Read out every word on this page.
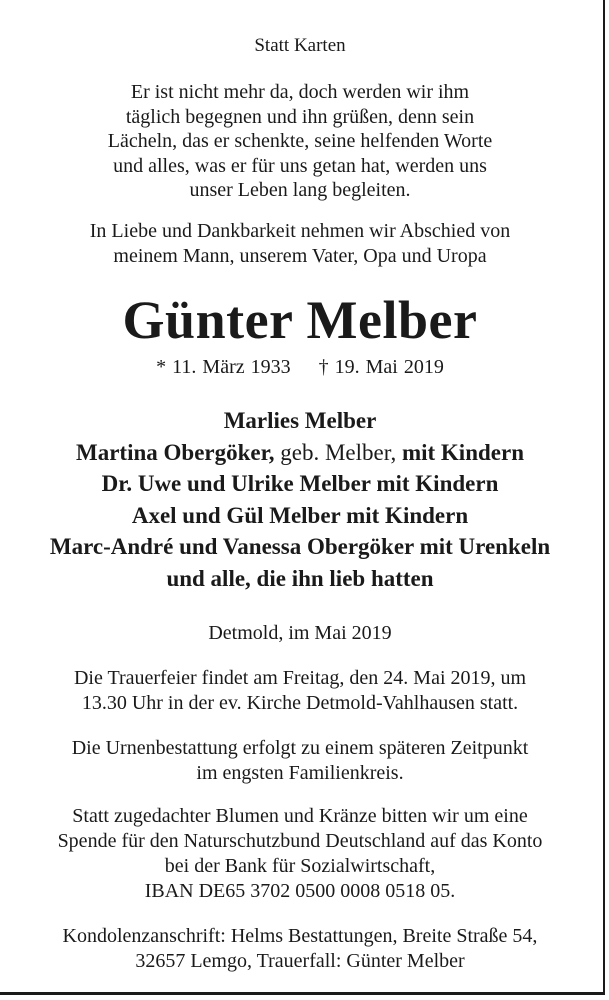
Statt Karten
Er ist nicht mehr da, doch werden wir ihm
täglich begegnen und ihn grüßen, denn sein
Lächeln, das er schenkte, seine helfenden Worte
und alles, was er für uns getan hat, werden uns
unser Leben lang begleiten.
In Liebe und Dankbarkeit nehmen wir Abschied von
meinem Mann, unserem Vater, Opa und Uropa
Günter Melber
* 11. März 1933 † 19. Mai 2019
Marlies Melber
Martina Obergöker, geb. Melber, mit Kindern
Dr. Uwe und Ulrike Melber mit Kindern
Axel und Gül Melber mit Kindern
Marc-André und Vanessa Obergöker mit Urenkeln
und alle, die ihn lieb hatten
Detmold, im Mai 2019
Die Trauerfeier findet am Freitag, den 24. Mai 2019, um
13.30 Uhr in der ev. Kirche Detmold-Vahlhausen statt.
Die Urnenbestattung erfolgt zu einem späteren Zeitpunkt
im engsten Familienkreis.
Statt zugedachter Blumen und Kränze bitten wir um eine
Spende für den Naturschutzbund Deutschland auf das Konto
bei der Bank für Sozialwirtschaft,
IBAN DE65 3702 0500 0008 0518 05.
Kondolenzanschrift: Helms Bestattungen, Breite Straße 54,
32657 Lemgo, Trauerfall: Günter Melber
